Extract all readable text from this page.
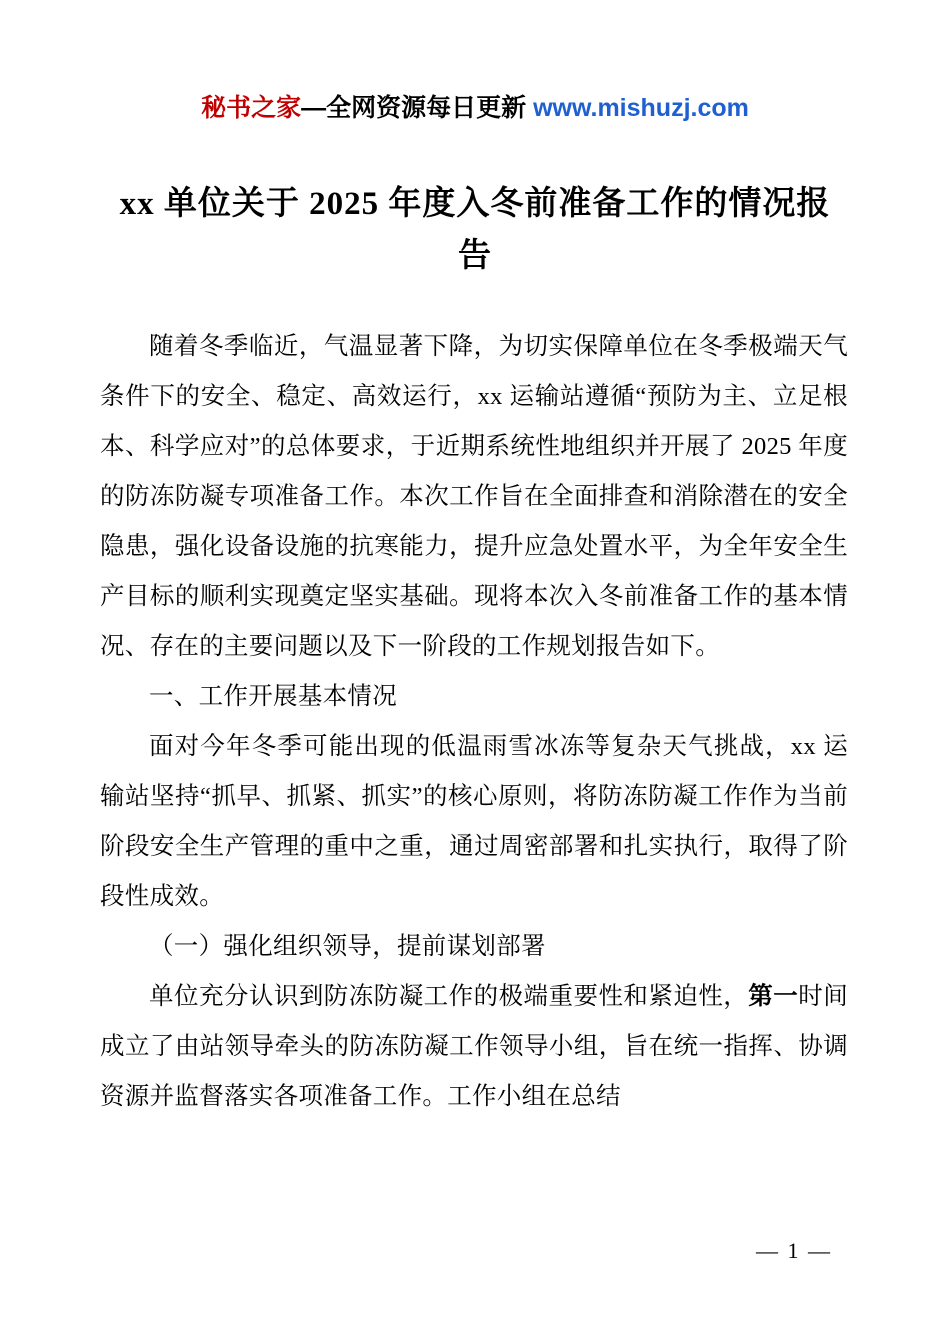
秘书之家—全网资源每日更新 www.mishuzj.com
xx 单位关于 2025 年度入冬前准备工作的情况报告

随着冬季临近，气温显著下降，为切实保障单位在冬季极端天气条件下的安全、稳定、高效运行，xx 运输站遵循“预防为主、立足根本、科学应对”的总体要求，于近期系统性地组织并开展了 2025 年度的防冻防凝专项准备工作。本次工作旨在全面排查和消除潜在的安全隐患，强化设备设施的抗寒能力，提升应急处置水平，为全年安全生产目标的顺利实现奠定坚实基础。现将本次入冬前准备工作的基本情况、存在的主要问题以及下一阶段的工作规划报告如下。

一、工作开展基本情况

面对今年冬季可能出现的低温雨雪冰冻等复杂天气挑战，xx 运输站坚持“抓早、抓紧、抓实”的核心原则，将防冻防凝工作作为当前阶段安全生产管理的重中之重，通过周密部署和扎实执行，取得了阶段性成效。

（一）强化组织领导，提前谋划部署

单位充分认识到防冻防凝工作的极端重要性和紧迫性，第一时间成立了由站领导牵头的防冻防凝工作领导小组，旨在统一指挥、协调资源并监督落实各项准备工作。工作小组在总结

— 1 —
